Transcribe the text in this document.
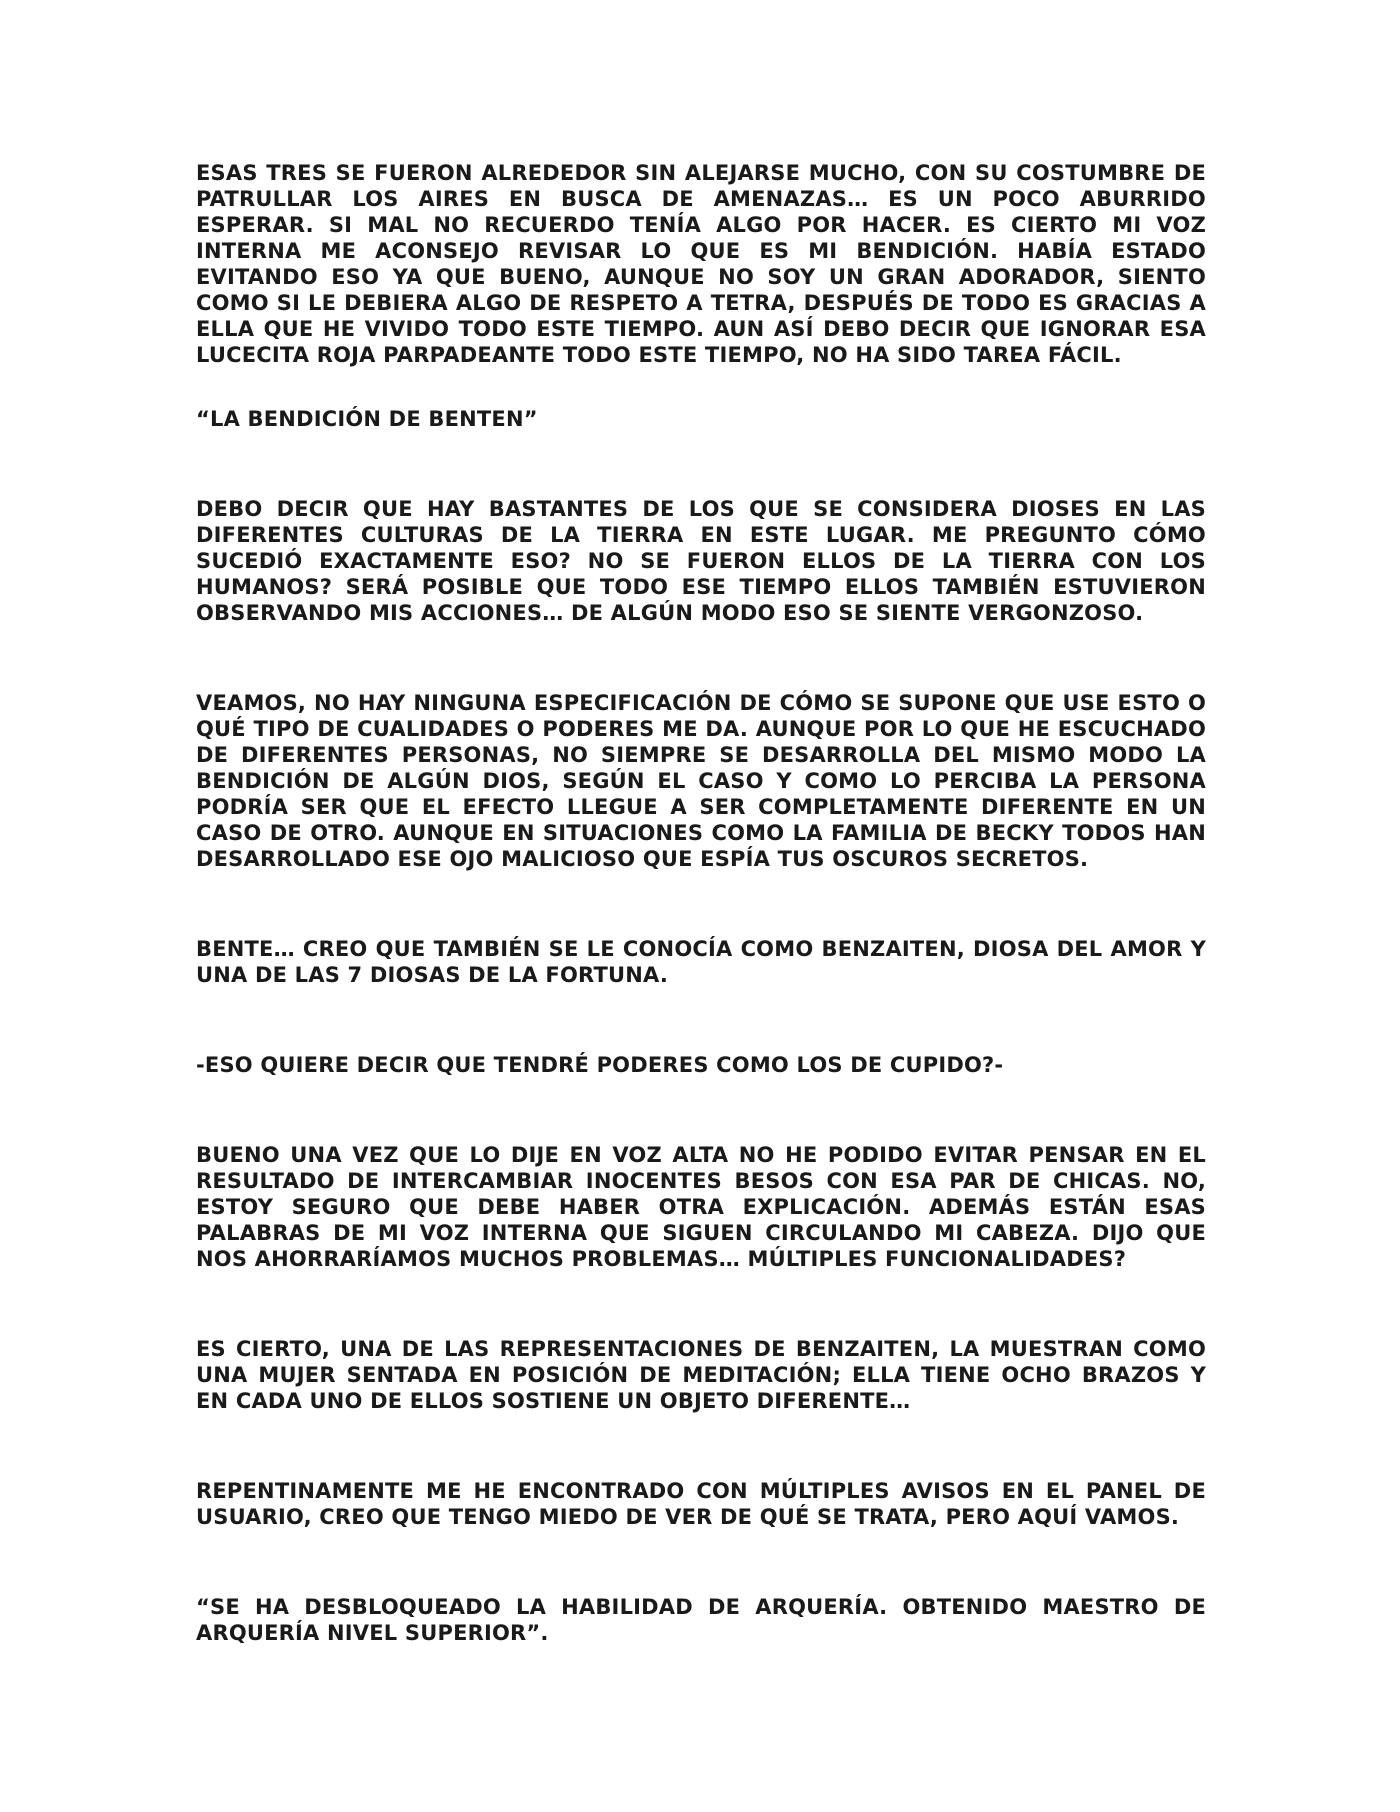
ESAS TRES SE FUERON ALREDEDOR SIN ALEJARSE MUCHO, CON SU COSTUMBRE DE PATRULLAR LOS AIRES EN BUSCA DE AMENAZAS… ES UN POCO ABURRIDO ESPERAR. SI MAL NO RECUERDO TENÍA ALGO POR HACER. ES CIERTO MI VOZ INTERNA ME ACONSEJO REVISAR LO QUE ES MI BENDICIÓN. HABÍA ESTADO EVITANDO ESO YA QUE BUENO, AUNQUE NO SOY UN GRAN ADORADOR, SIENTO COMO SI LE DEBIERA ALGO DE RESPETO A TETRA, DESPUÉS DE TODO ES GRACIAS A ELLA QUE HE VIVIDO TODO ESTE TIEMPO. AUN ASÍ DEBO DECIR QUE IGNORAR ESA LUCECITA ROJA PARPADEANTE TODO ESTE TIEMPO, NO HA SIDO TAREA FÁCIL.

“LA BENDICIÓN DE BENTEN”

DEBO DECIR QUE HAY BASTANTES DE LOS QUE SE CONSIDERA DIOSES EN LAS DIFERENTES CULTURAS DE LA TIERRA EN ESTE LUGAR. ME PREGUNTO CÓMO SUCEDIÓ EXACTAMENTE ESO? NO SE FUERON ELLOS DE LA TIERRA CON LOS HUMANOS? SERÁ POSIBLE QUE TODO ESE TIEMPO ELLOS TAMBIÉN ESTUVIERON OBSERVANDO MIS ACCIONES… DE ALGÚN MODO ESO SE SIENTE VERGONZOSO.

VEAMOS, NO HAY NINGUNA ESPECIFICACIÓN DE CÓMO SE SUPONE QUE USE ESTO O QUÉ TIPO DE CUALIDADES O PODERES ME DA. AUNQUE POR LO QUE HE ESCUCHADO DE DIFERENTES PERSONAS, NO SIEMPRE SE DESARROLLA DEL MISMO MODO LA BENDICIÓN DE ALGÚN DIOS, SEGÚN EL CASO Y COMO LO PERCIBA LA PERSONA PODRÍA SER QUE EL EFECTO LLEGUE A SER COMPLETAMENTE DIFERENTE EN UN CASO DE OTRO. AUNQUE EN SITUACIONES COMO LA FAMILIA DE BECKY TODOS HAN DESARROLLADO ESE OJO MALICIOSO QUE ESPÍA TUS OSCUROS SECRETOS.

BENTE… CREO QUE TAMBIÉN SE LE CONOCÍA COMO BENZAITEN, DIOSA DEL AMOR Y UNA DE LAS 7 DIOSAS DE LA FORTUNA.

-ESO QUIERE DECIR QUE TENDRÉ PODERES COMO LOS DE CUPIDO?-

BUENO UNA VEZ QUE LO DIJE EN VOZ ALTA NO HE PODIDO EVITAR PENSAR EN EL RESULTADO DE INTERCAMBIAR INOCENTES BESOS CON ESA PAR DE CHICAS. NO, ESTOY SEGURO QUE DEBE HABER OTRA EXPLICACIÓN. ADEMÁS ESTÁN ESAS PALABRAS DE MI VOZ INTERNA QUE SIGUEN CIRCULANDO MI CABEZA. DIJO QUE NOS AHORRARÍAMOS MUCHOS PROBLEMAS… MÚLTIPLES FUNCIONALIDADES?

ES CIERTO, UNA DE LAS REPRESENTACIONES DE BENZAITEN, LA MUESTRAN COMO UNA MUJER SENTADA EN POSICIÓN DE MEDITACIÓN; ELLA TIENE OCHO BRAZOS Y EN CADA UNO DE ELLOS SOSTIENE UN OBJETO DIFERENTE…

REPENTINAMENTE ME HE ENCONTRADO CON MÚLTIPLES AVISOS EN EL PANEL DE USUARIO, CREO QUE TENGO MIEDO DE VER DE QUÉ SE TRATA, PERO AQUÍ VAMOS.

“SE HA DESBLOQUEADO LA HABILIDAD DE ARQUERÍA. OBTENIDO MAESTRO DE ARQUERÍA NIVEL SUPERIOR”.
